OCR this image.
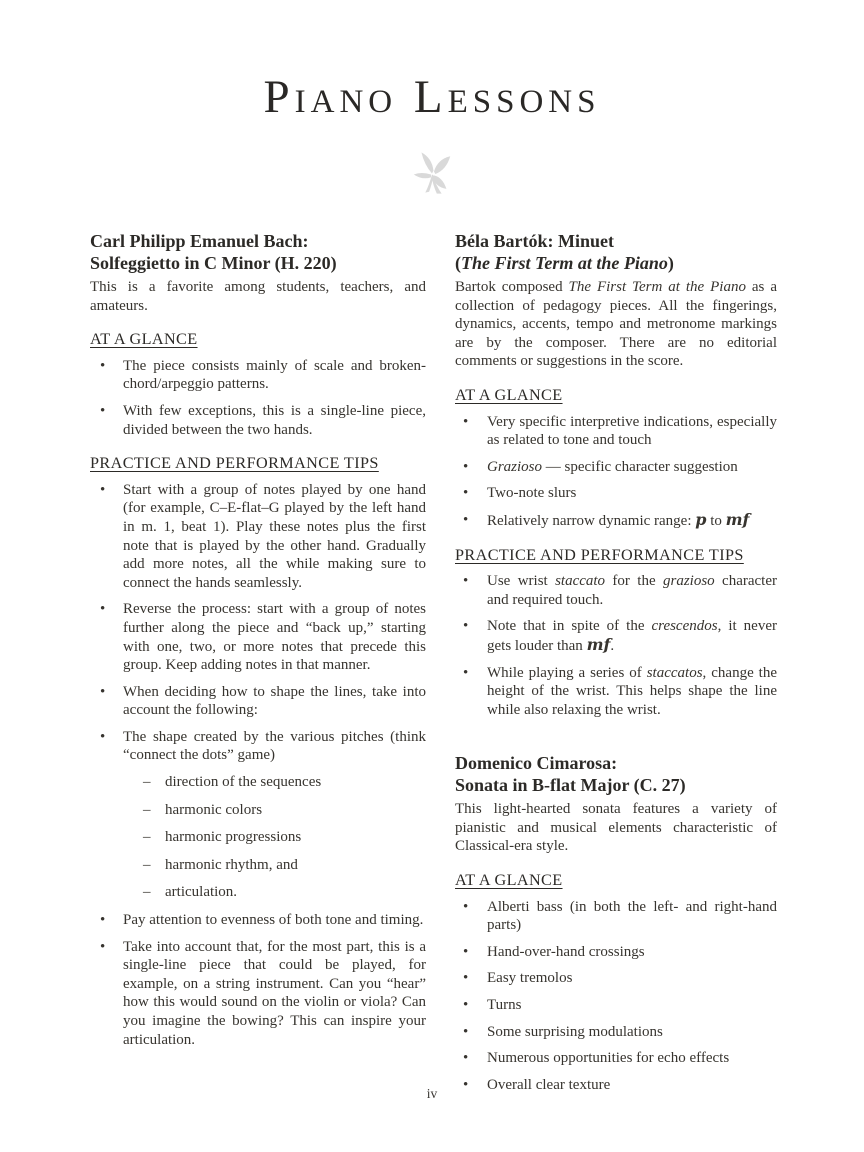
Piano Lessons
Carl Philipp Emanuel Bach:
Solfeggietto in C Minor (H. 220)

This is a favorite among students, teachers, and amateurs.

AT A GLANCE
• The piece consists mainly of scale and broken-chord/arpeggio patterns.
• With few exceptions, this is a single-line piece, divided between the two hands.
PRACTICE AND PERFORMANCE TIPS
• Start with a group of notes played by one hand (for example, C–E-flat–G played by the left hand in m. 1, beat 1). Play these notes plus the first note that is played by the other hand. Gradually add more notes, all the while making sure to connect the hands seamlessly.
• Reverse the process: start with a group of notes further along the piece and “back up,” starting with one, two, or more notes that precede this group. Keep adding notes in that manner.
• When deciding how to shape the lines, take into account the following:
• The shape created by the various pitches (think “connect the dots” game)
– direction of the sequences
– harmonic colors
– harmonic progressions
– harmonic rhythm, and
– articulation.
• Pay attention to evenness of both tone and timing.
• Take into account that, for the most part, this is a single-line piece that could be played, for example, on a string instrument. Can you “hear” how this would sound on the violin or viola? Can you imagine the bowing? This can inspire your articulation.
Béla Bartók: Minuet
(The First Term at the Piano)

Bartok composed The First Term at the Piano as a collection of pedagogy pieces. All the fingerings, dynamics, accents, tempo and metronome markings are by the composer. There are no editorial comments or suggestions in the score.

AT A GLANCE
• Very specific interpretive indications, especially as related to tone and touch
• Grazioso — specific character suggestion
• Two-note slurs
• Relatively narrow dynamic range: p to mf
PRACTICE AND PERFORMANCE TIPS
• Use wrist staccato for the grazioso character and required touch.
• Note that in spite of the crescendos, it never gets louder than mf.
• While playing a series of staccatos, change the height of the wrist. This helps shape the line while also relaxing the wrist.
Domenico Cimarosa:
Sonata in B-flat Major (C. 27)

This light-hearted sonata features a variety of pianistic and musical elements characteristic of Classical-era style.

AT A GLANCE
• Alberti bass (in both the left- and right-hand parts)
• Hand-over-hand crossings
• Easy tremolos
• Turns
• Some surprising modulations
• Numerous opportunities for echo effects
• Overall clear texture
iv
